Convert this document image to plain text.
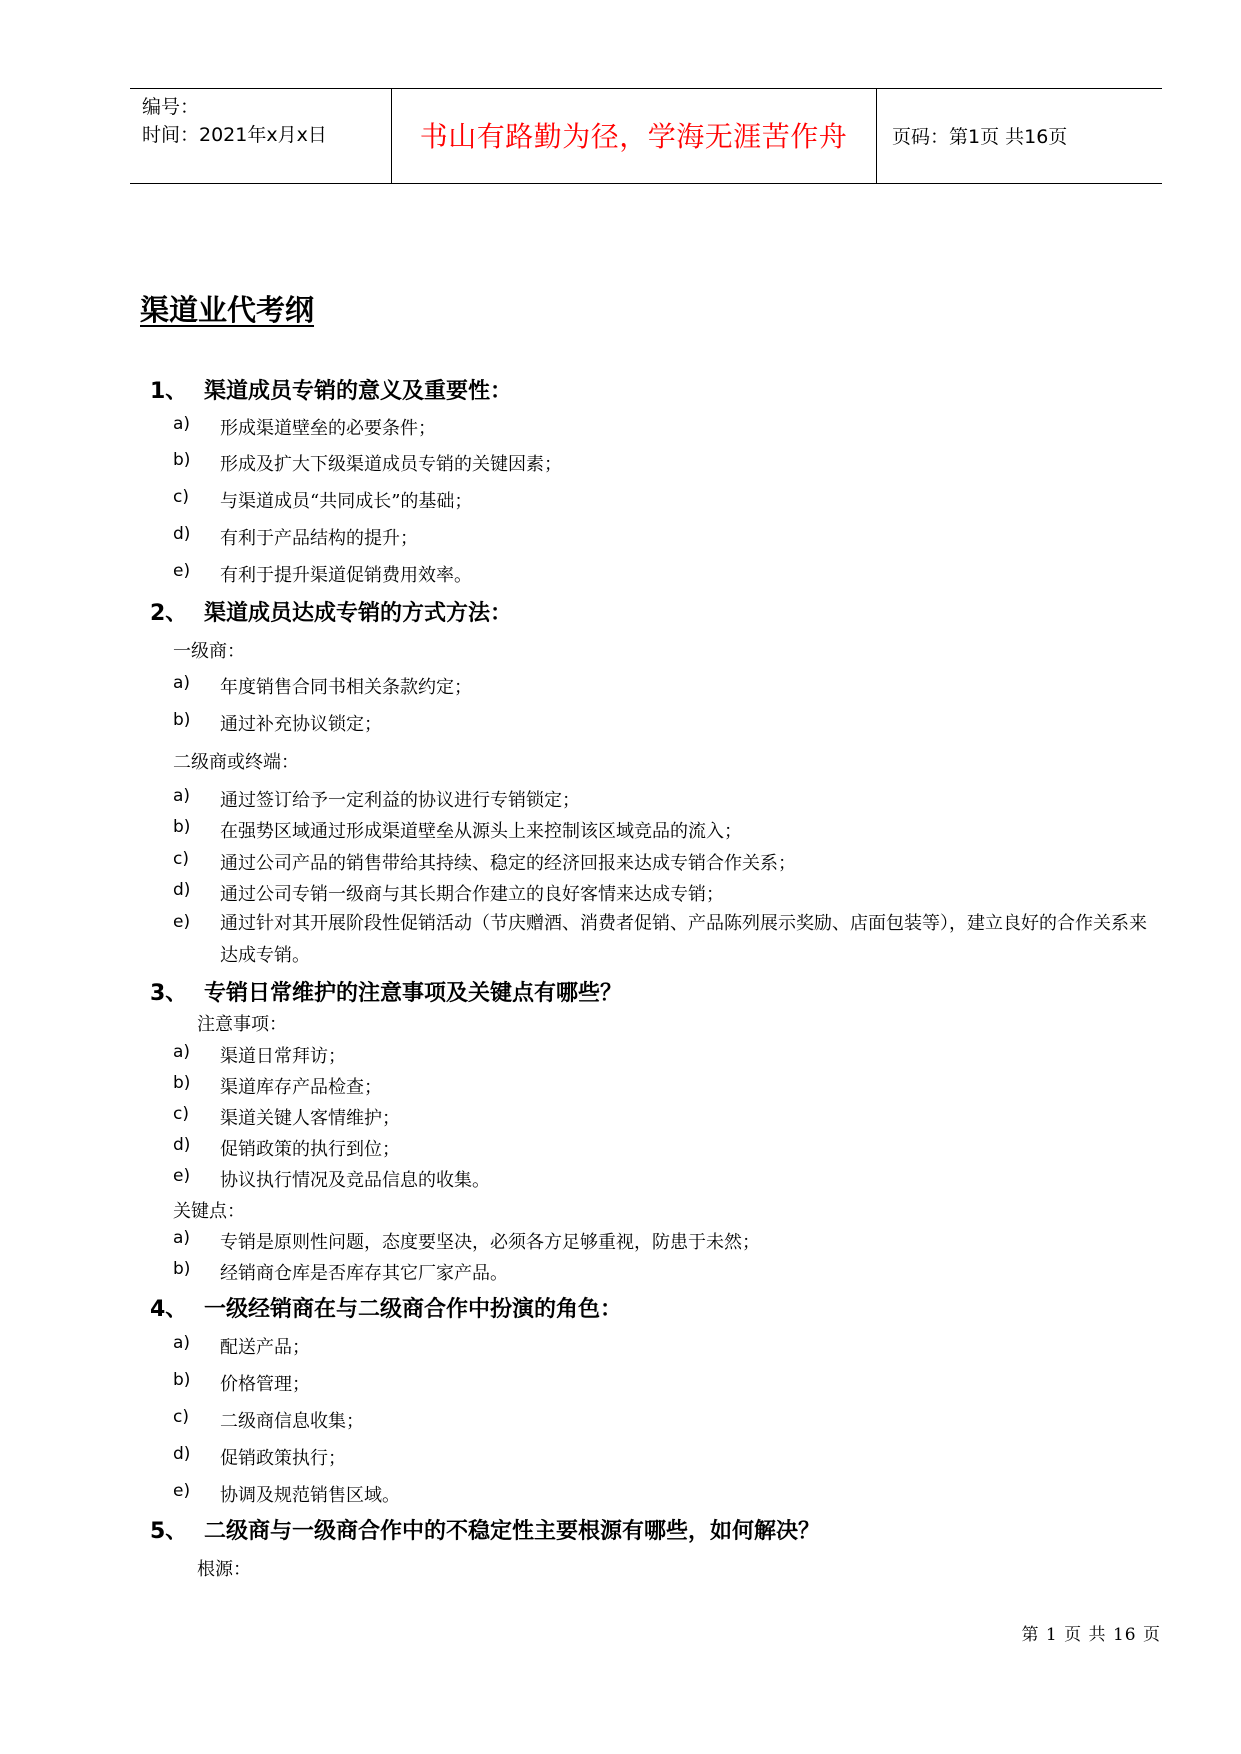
编号：
时间：2021年x月x日	书山有路勤为径，学海无涯苦作舟	页码：第1页 共16页
渠道业代考纲
1、 渠道成员专销的意义及重要性：
a) 形成渠道壁垒的必要条件；
b) 形成及扩大下级渠道成员专销的关键因素；
c) 与渠道成员“共同成长”的基础；
d) 有利于产品结构的提升；
e) 有利于提升渠道促销费用效率。
2、 渠道成员达成专销的方式方法：
一级商：
a) 年度销售合同书相关条款约定；
b) 通过补充协议锁定；
二级商或终端：
a) 通过签订给予一定利益的协议进行专销锁定；
b) 在强势区域通过形成渠道壁垒从源头上来控制该区域竞品的流入；
c) 通过公司产品的销售带给其持续、稳定的经济回报来达成专销合作关系；
d) 通过公司专销一级商与其长期合作建立的良好客情来达成专销；
e) 通过针对其开展阶段性促销活动（节庆赠酒、消费者促销、产品陈列展示奖励、店面包装等），建立良好的合作关系来达成专销。
3、 专销日常维护的注意事项及关键点有哪些？
注意事项：
a) 渠道日常拜访；
b) 渠道库存产品检查；
c) 渠道关键人客情维护；
d) 促销政策的执行到位；
e) 协议执行情况及竞品信息的收集。
关键点：
a) 专销是原则性问题，态度要坚决，必须各方足够重视，防患于未然；
b) 经销商仓库是否库存其它厂家产品。
4、 一级经销商在与二级商合作中扮演的角色：
a) 配送产品；
b) 价格管理；
c) 二级商信息收集；
d) 促销政策执行；
e) 协调及规范销售区域。
5、 二级商与一级商合作中的不稳定性主要根源有哪些，如何解决？
根源：
第 1 页 共 16 页
